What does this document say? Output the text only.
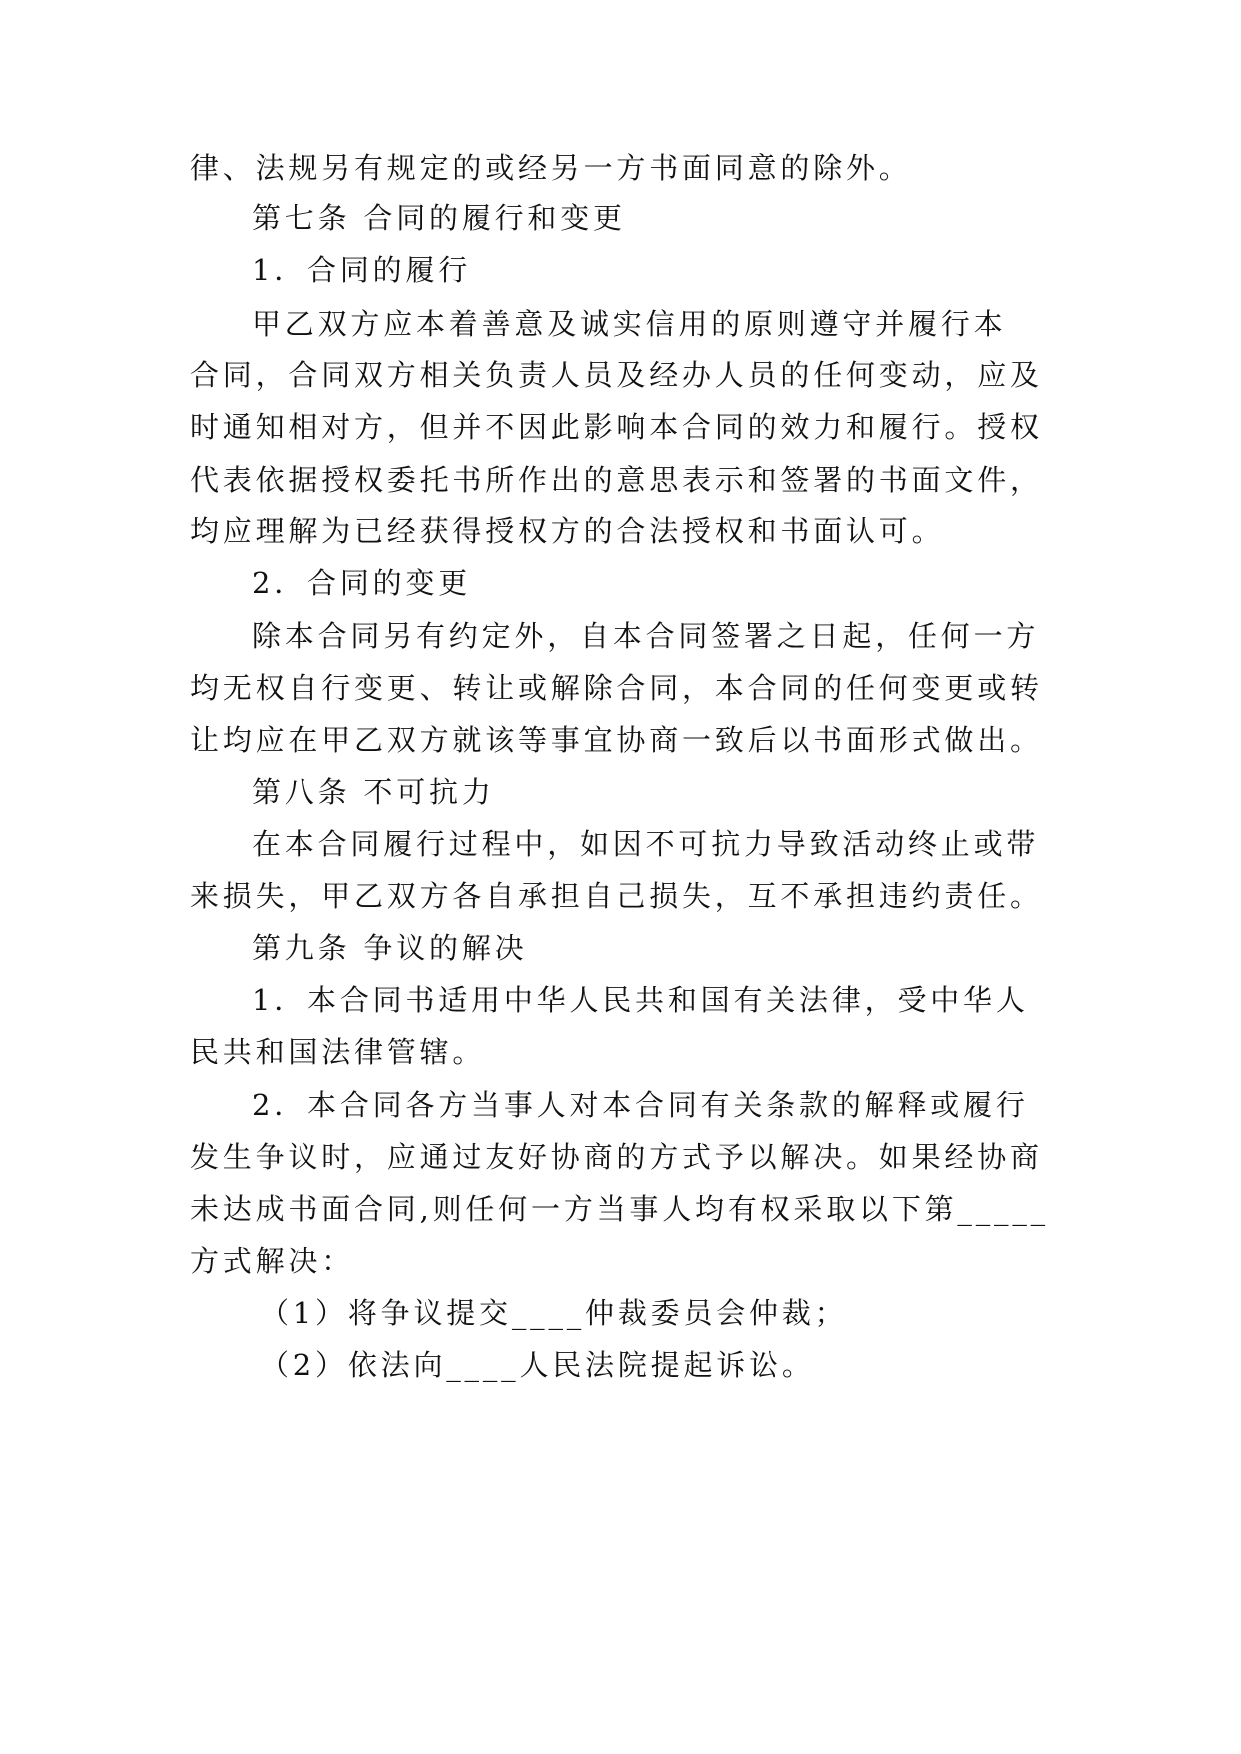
律、法规另有规定的或经另一方书面同意的除外。
第七条 合同的履行和变更
1．合同的履行
甲乙双方应本着善意及诚实信用的原则遵守并履行本
合同，合同双方相关负责人员及经办人员的任何变动，应及
时通知相对方，但并不因此影响本合同的效力和履行。授权
代表依据授权委托书所作出的意思表示和签署的书面文件，
均应理解为已经获得授权方的合法授权和书面认可。
2．合同的变更
除本合同另有约定外，自本合同签署之日起，任何一方
均无权自行变更、转让或解除合同，本合同的任何变更或转
让均应在甲乙双方就该等事宜协商一致后以书面形式做出。
第八条 不可抗力
在本合同履行过程中，如因不可抗力导致活动终止或带
来损失，甲乙双方各自承担自己损失，互不承担违约责任。
第九条 争议的解决
1．本合同书适用中华人民共和国有关法律，受中华人
民共和国法律管辖。
2．本合同各方当事人对本合同有关条款的解释或履行
发生争议时，应通过友好协商的方式予以解决。如果经协商
未达成书面合同,则任何一方当事人均有权采取以下第_____
方式解决：
（1）将争议提交____仲裁委员会仲裁；
（2）依法向____人民法院提起诉讼。
